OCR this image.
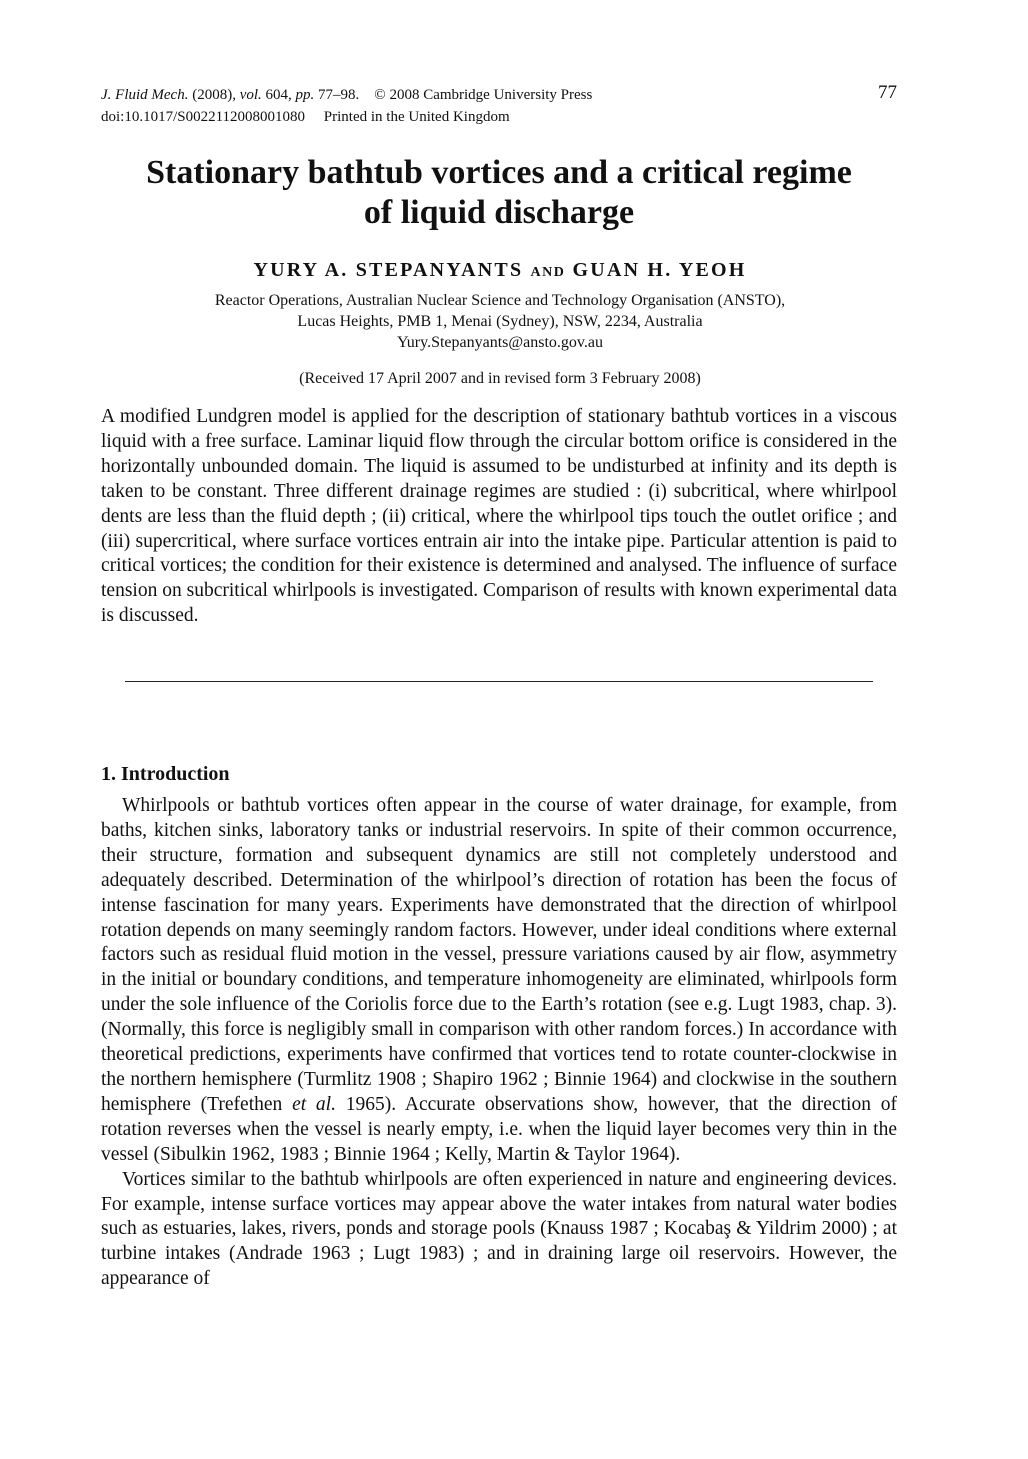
J. Fluid Mech. (2008), vol. 604, pp. 77–98. © 2008 Cambridge University Press
doi:10.1017/S0022112008001080 Printed in the United Kingdom
77
Stationary bathtub vortices and a critical regime
of liquid discharge
YURY A. STEPANYANTS AND GUAN H. YEOH
Reactor Operations, Australian Nuclear Science and Technology Organisation (ANSTO),
Lucas Heights, PMB 1, Menai (Sydney), NSW, 2234, Australia
Yury.Stepanyants@ansto.gov.au
(Received 17 April 2007 and in revised form 3 February 2008)
A modified Lundgren model is applied for the description of stationary bathtub vortices in a viscous liquid with a free surface. Laminar liquid flow through the circular bottom orifice is considered in the horizontally unbounded domain. The liquid is assumed to be undisturbed at infinity and its depth is taken to be constant. Three different drainage regimes are studied : (i) subcritical, where whirlpool dents are less than the fluid depth ; (ii) critical, where the whirlpool tips touch the outlet orifice ; and (iii) supercritical, where surface vortices entrain air into the intake pipe. Particular attention is paid to critical vortices; the condition for their existence is determined and analysed. The influence of surface tension on subcritical whirlpools is investigated. Comparison of results with known experimental data is discussed.
1. Introduction

Whirlpools or bathtub vortices often appear in the course of water drainage, for example, from baths, kitchen sinks, laboratory tanks or industrial reservoirs. In spite of their common occurrence, their structure, formation and subsequent dynamics are still not completely understood and adequately described. Determination of the whirlpool’s direction of rotation has been the focus of intense fascination for many years. Experiments have demonstrated that the direction of whirlpool rotation depends on many seemingly random factors. However, under ideal conditions where external factors such as residual fluid motion in the vessel, pressure variations caused by air flow, asymmetry in the initial or boundary conditions, and temperature inhomogeneity are eliminated, whirlpools form under the sole influence of the Coriolis force due to the Earth’s rotation (see e.g. Lugt 1983, chap. 3). (Normally, this force is negligibly small in comparison with other random forces.) In accordance with theoretical predictions, experiments have confirmed that vortices tend to rotate counter-clockwise in the northern hemisphere (Turmlitz 1908 ; Shapiro 1962 ; Binnie 1964) and clockwise in the southern hemisphere (Trefethen et al. 1965). Accurate observations show, however, that the direction of rotation reverses when the vessel is nearly empty, i.e. when the liquid layer becomes very thin in the vessel (Sibulkin 1962, 1983 ; Binnie 1964 ; Kelly, Martin & Taylor 1964).

Vortices similar to the bathtub whirlpools are often experienced in nature and engineering devices. For example, intense surface vortices may appear above the water intakes from natural water bodies such as estuaries, lakes, rivers, ponds and storage pools (Knauss 1987 ; Kocabaş & Yildrim 2000) ; at turbine intakes (Andrade 1963 ; Lugt 1983) ; and in draining large oil reservoirs. However, the appearance of
